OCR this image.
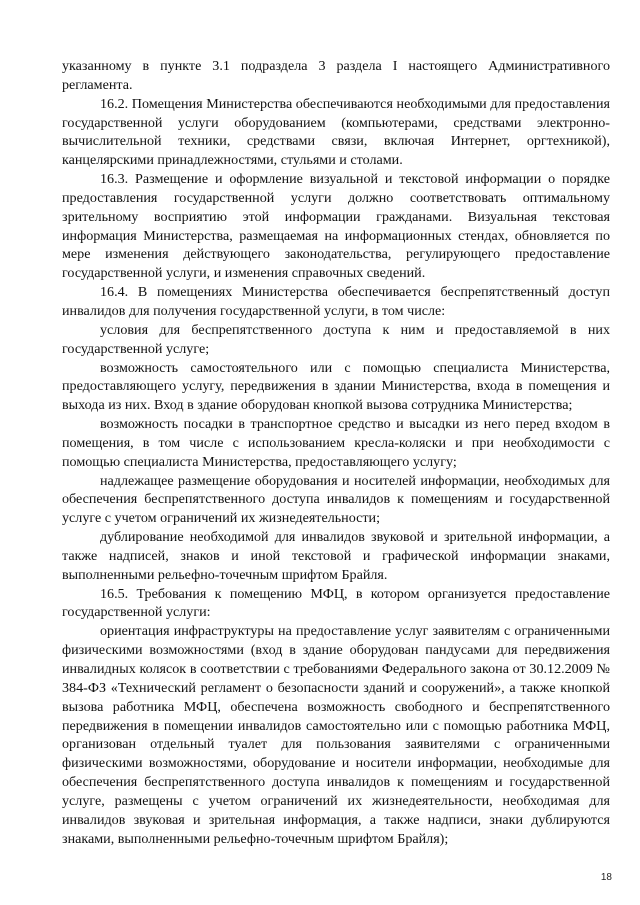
указанному в пункте 3.1 подраздела 3 раздела I настоящего Административного регламента.

16.2. Помещения Министерства обеспечиваются необходимыми для предоставления государственной услуги оборудованием (компьютерами, средствами электронно-вычислительной техники, средствами связи, включая Интернет, оргтехникой), канцелярскими принадлежностями, стульями и столами.

16.3. Размещение и оформление визуальной и текстовой информации о порядке предоставления государственной услуги должно соответствовать оптимальному зрительному восприятию этой информации гражданами. Визуальная текстовая информация Министерства, размещаемая на информационных стендах, обновляется по мере изменения действующего законодательства, регулирующего предоставление государственной услуги, и изменения справочных сведений.

16.4. В помещениях Министерства обеспечивается беспрепятственный доступ инвалидов для получения государственной услуги, в том числе:

условия для беспрепятственного доступа к ним и предоставляемой в них государственной услуге;

возможность самостоятельного или с помощью специалиста Министерства, предоставляющего услугу, передвижения в здании Министерства, входа в помещения и выхода из них. Вход в здание оборудован кнопкой вызова сотрудника Министерства;

возможность посадки в транспортное средство и высадки из него перед входом в помещения, в том числе с использованием кресла-коляски и при необходимости с помощью специалиста Министерства, предоставляющего услугу;

надлежащее размещение оборудования и носителей информации, необходимых для обеспечения беспрепятственного доступа инвалидов к помещениям и государственной услуге с учетом ограничений их жизнедеятельности;

дублирование необходимой для инвалидов звуковой и зрительной информации, а также надписей, знаков и иной текстовой и графической информации знаками, выполненными рельефно-точечным шрифтом Брайля.

16.5. Требования к помещению МФЦ, в котором организуется предоставление государственной услуги:

ориентация инфраструктуры на предоставление услуг заявителям с ограниченными физическими возможностями (вход в здание оборудован пандусами для передвижения инвалидных колясок в соответствии с требованиями Федерального закона от 30.12.2009 № 384-ФЗ «Технический регламент о безопасности зданий и сооружений», а также кнопкой вызова работника МФЦ, обеспечена возможность свободного и беспрепятственного передвижения в помещении инвалидов самостоятельно или с помощью работника МФЦ, организован отдельный туалет для пользования заявителями с ограниченными физическими возможностями, оборудование и носители информации, необходимые для обеспечения беспрепятственного доступа инвалидов к помещениям и государственной услуге, размещены с учетом ограничений их жизнедеятельности, необходимая для инвалидов звуковая и зрительная информация, а также надписи, знаки дублируются знаками, выполненными рельефно-точечным шрифтом Брайля);

18
